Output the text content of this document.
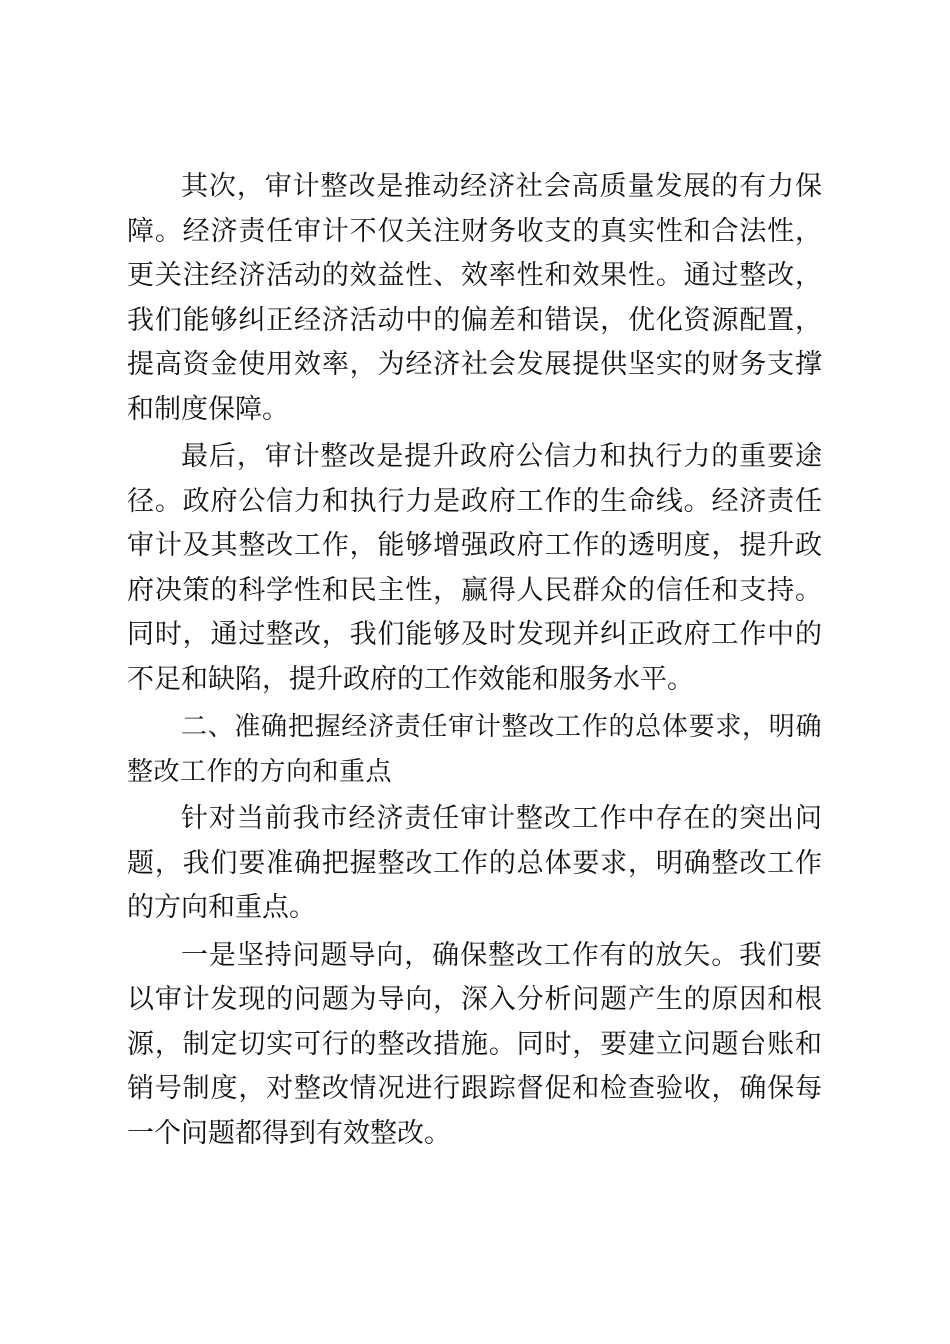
其次，审计整改是推动经济社会高质量发展的有力保障。经济责任审计不仅关注财务收支的真实性和合法性，更关注经济活动的效益性、效率性和效果性。通过整改，我们能够纠正经济活动中的偏差和错误，优化资源配置，提高资金使用效率，为经济社会发展提供坚实的财务支撑和制度保障。

最后，审计整改是提升政府公信力和执行力的重要途径。政府公信力和执行力是政府工作的生命线。经济责任审计及其整改工作，能够增强政府工作的透明度，提升政府决策的科学性和民主性，赢得人民群众的信任和支持。同时，通过整改，我们能够及时发现并纠正政府工作中的不足和缺陷，提升政府的工作效能和服务水平。

二、准确把握经济责任审计整改工作的总体要求，明确整改工作的方向和重点

针对当前我市经济责任审计整改工作中存在的突出问题，我们要准确把握整改工作的总体要求，明确整改工作的方向和重点。

一是坚持问题导向，确保整改工作有的放矢。我们要以审计发现的问题为导向，深入分析问题产生的原因和根源，制定切实可行的整改措施。同时，要建立问题台账和销号制度，对整改情况进行跟踪督促和检查验收，确保每一个问题都得到有效整改。
